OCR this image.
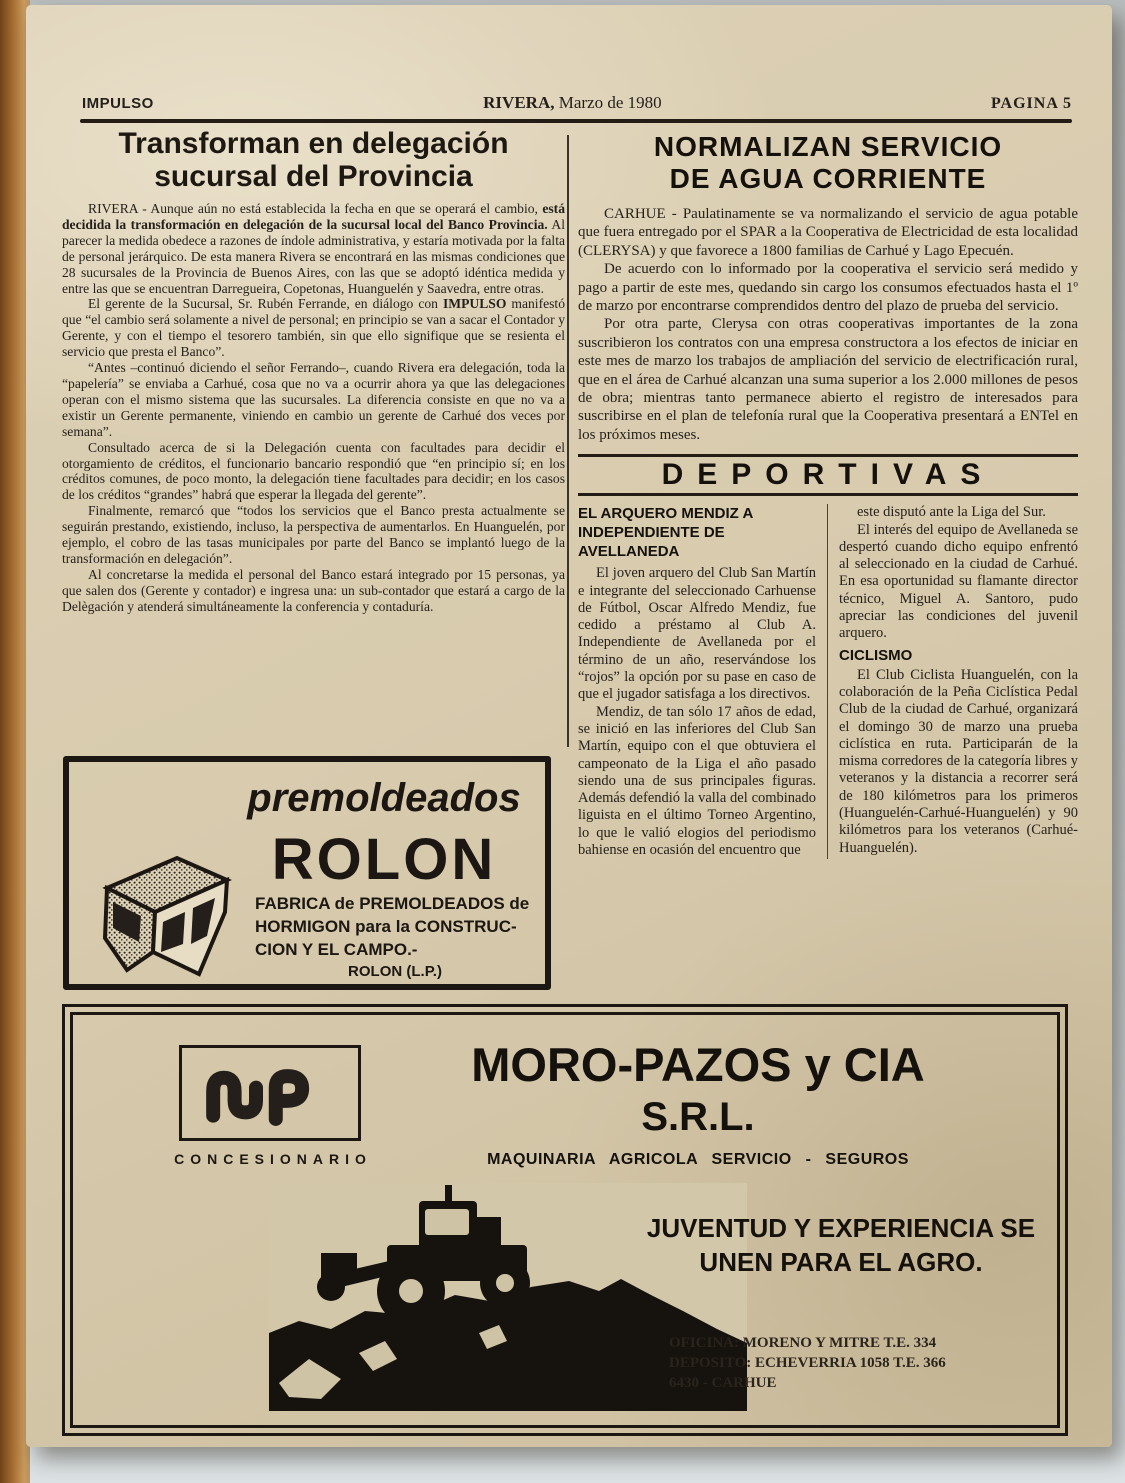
IMPULSO	RIVERA, Marzo de 1980	PAGINA 5
Transforman en delegación
sucursal del Provincia

RIVERA - Aunque aún no está establecida la fecha en que se operará el cambio, está decidida la transformación en delegación de la sucursal local del Banco Provincia. Al parecer la medida obedece a razones de índole administrativa, y estaría motivada por la falta de personal jerárquico. De esta manera Rivera se encontrará en las mismas condiciones que 28 sucursales de la Provincia de Buenos Aires, con las que se adoptó idéntica medida y entre las que se encuentran Darregueira, Copetonas, Huanguelén y Saavedra, entre otras.

El gerente de la Sucursal, Sr. Rubén Ferrande, en diálogo con IMPULSO manifestó que “el cambio será solamente a nivel de personal; en principio se van a sacar el Contador y Gerente, y con el tiempo el tesorero también, sin que ello signifique que se resienta el servicio que presta el Banco”.

“Antes –continuó diciendo el señor Ferrando–, cuando Rivera era delegación, toda la “papelería” se enviaba a Carhué, cosa que no va a ocurrir ahora ya que las delegaciones operan con el mismo sistema que las sucursales. La diferencia consiste en que no va a existir un Gerente permanente, viniendo en cambio un gerente de Carhué dos veces por semana”.

Consultado acerca de si la Delegación cuenta con facultades para decidir el otorgamiento de créditos, el funcionario bancario respondió que “en principio sí; en los créditos comunes, de poco monto, la delegación tiene facultades para decidir; en los casos de los créditos “grandes” habrá que esperar la llegada del gerente”.

Finalmente, remarcó que “todos los servicios que el Banco presta actualmente se seguirán prestando, existiendo, incluso, la perspectiva de aumentarlos. En Huanguelén, por ejemplo, el cobro de las tasas municipales por parte del Banco se implantó luego de la transformación en delegación”.

Al concretarse la medida el personal del Banco estará integrado por 15 personas, ya que salen dos (Gerente y contador) e ingresa una: un sub-contador que estará a cargo de la Delègación y atenderá simultáneamente la conferencia y contaduría.

NORMALIZAN SERVICIO
DE AGUA CORRIENTE

CARHUE - Paulatinamente se va normalizando el servicio de agua potable que fuera entregado por el SPAR a la Cooperativa de Electricidad de esta localidad (CLERYSA) y que favorece a 1800 familias de Carhué y Lago Epecuén.

De acuerdo con lo informado por la cooperativa el servicio será medido y pago a partir de este mes, quedando sin cargo los consumos efectuados hasta el 1º de marzo por encontrarse comprendidos dentro del plazo de prueba del servicio.

Por otra parte, Clerysa con otras cooperativas importantes de la zona suscribieron los contratos con una empresa constructora a los efectos de iniciar en este mes de marzo los trabajos de ampliación del servicio de electrificación rural, que en el área de Carhué alcanzan una suma superior a los 2.000 millones de pesos de obra; mientras tanto permanece abierto el registro de interesados para suscribirse en el plan de telefonía rural que la Cooperativa presentará a ENTel en los próximos meses.

DEPORTIVAS
EL ARQUERO MENDIZ A
INDEPENDIENTE DE
AVELLANEDA

El joven arquero del Club San Martín e integrante del seleccionado Carhuense de Fútbol, Oscar Alfredo Mendiz, fue cedido a préstamo al Club A. Independiente de Avellaneda por el término de un año, reservándose los “rojos” la opción por su pase en caso de que el jugador satisfaga a los directivos.

Mendiz, de tan sólo 17 años de edad, se inició en las inferiores del Club San Martín, equipo con el que obtuviera el campeonato de la Liga el año pasado siendo una de sus principales figuras. Además defendió la valla del combinado liguista en el último Torneo Argentino, lo que le valió elogios del periodismo bahiense en ocasión del encuentro que

este disputó ante la Liga del Sur.

El interés del equipo de Avellaneda se despertó cuando dicho equipo enfrentó al seleccionado en la ciudad de Carhué. En esa oportunidad su flamante director técnico, Miguel A. Santoro, pudo apreciar las condiciones del juvenil arquero.

CICLISMO

El Club Ciclista Huanguelén, con la colaboración de la Peña Ciclística Pedal Club de la ciudad de Carhué, organizará el domingo 30 de marzo una prueba ciclística en ruta. Participarán de la misma corredores de la categoría libres y veteranos y la distancia a recorrer será de 180 kilómetros para los primeros (Huanguelén-Carhué-Huanguelén) y 90 kilómetros para los veteranos (Carhué-Huanguelén).

premoldeados
ROLON
FABRICA de PREMOLDEADOS de
HORMIGON para la CONSTRUC-
CION Y EL CAMPO.-
ROLON (L.P.)
CONCESIONARIO
MORO-PAZOS y CIA
S.R.L.
MAQUINARIA AGRICOLA SERVICIO - SEGUROS
JUVENTUD Y EXPERIENCIA SE
UNEN PARA EL AGRO.
OFICINA: MORENO Y MITRE T.E. 334
DEPOSITO: ECHEVERRIA 1058 T.E. 366
6430 - CARHUE
